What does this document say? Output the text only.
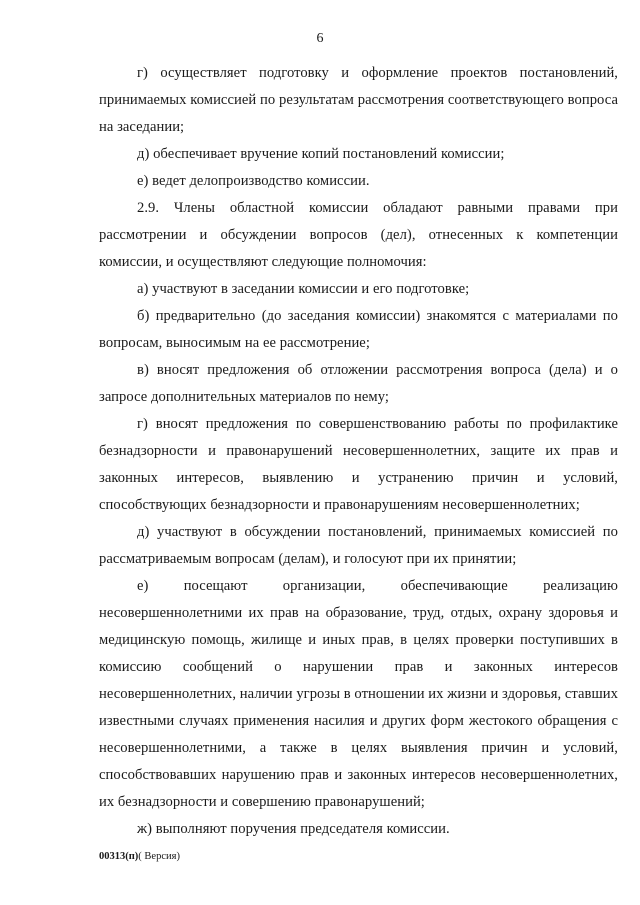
6

г) осуществляет подготовку и оформление проектов постановлений, принимаемых комиссией по результатам рассмотрения соответствующего вопроса на заседании;

д) обеспечивает вручение копий постановлений комиссии;

е) ведет делопроизводство комиссии.

2.9. Члены областной комиссии обладают равными правами при рассмотрении и обсуждении вопросов (дел), отнесенных к компетенции комиссии, и осуществляют следующие полномочия:

а) участвуют в заседании комиссии и его подготовке;

б) предварительно (до заседания комиссии) знакомятся с материалами по вопросам, выносимым на ее рассмотрение;

в) вносят предложения об отложении рассмотрения вопроса (дела) и о запросе дополнительных материалов по нему;

г) вносят предложения по совершенствованию работы по профилактике безнадзорности и правонарушений несовершеннолетних, защите их прав и законных интересов, выявлению и устранению причин и условий, способствующих безнадзорности и правонарушениям несовершеннолетних;

д) участвуют в обсуждении постановлений, принимаемых комиссией по рассматриваемым вопросам (делам), и голосуют при их принятии;

е) посещают организации, обеспечивающие реализацию несовершеннолетними их прав на образование, труд, отдых, охрану здоровья и медицинскую помощь, жилище и иных прав, в целях проверки поступивших в комиссию сообщений о нарушении прав и законных интересов несовершеннолетних, наличии угрозы в отношении их жизни и здоровья, ставших известными случаях применения насилия и других форм жестокого обращения с несовершеннолетними, а также в целях выявления причин и условий, способствовавших нарушению прав и законных интересов несовершеннолетних, их безнадзорности и совершению правонарушений;

ж) выполняют поручения председателя комиссии.

00313(п)( Версия)
